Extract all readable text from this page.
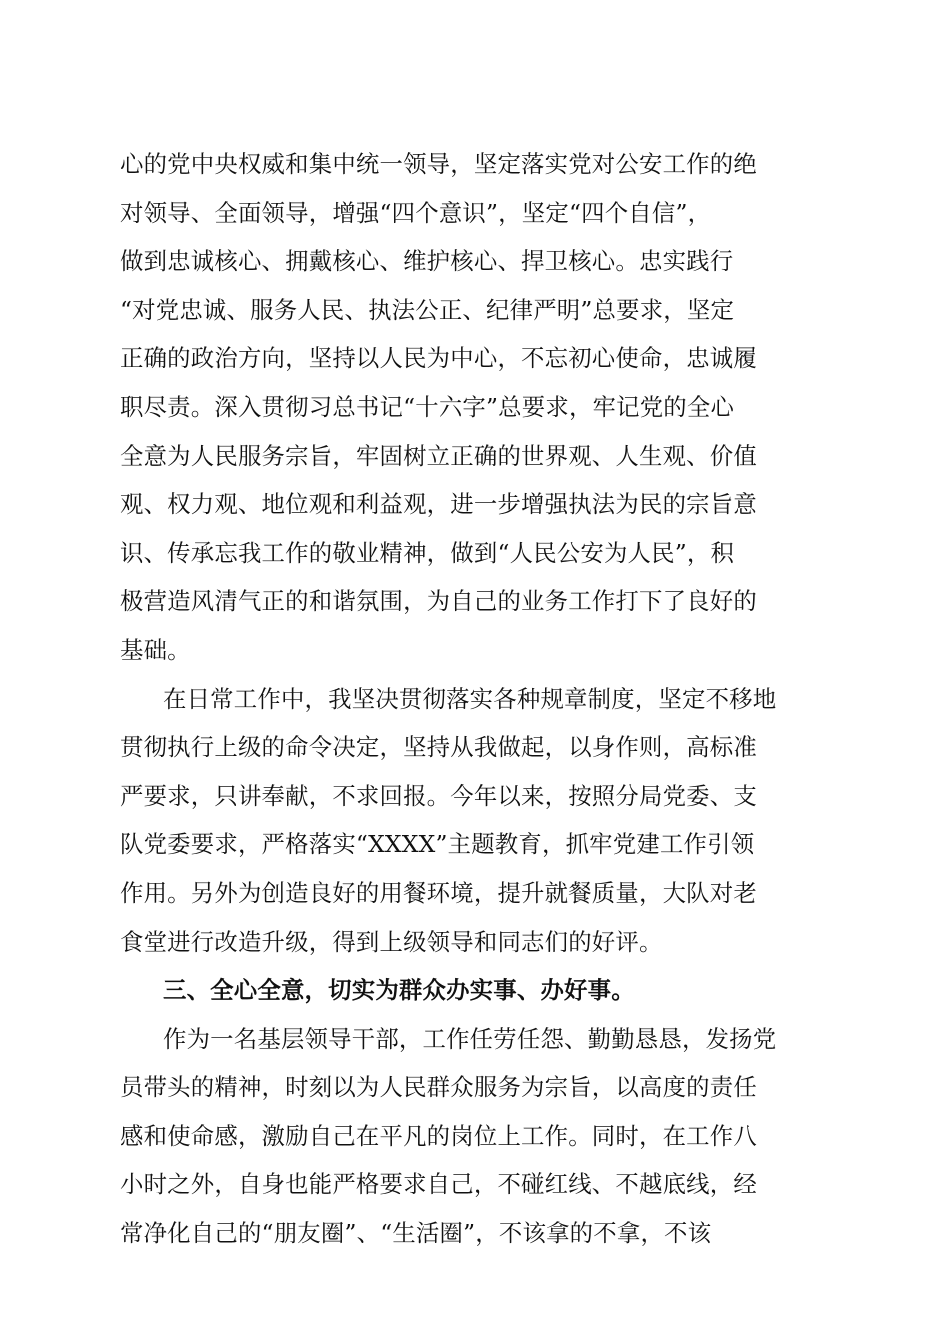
心的党中央权威和集中统一领导，坚定落实党对公安工作的绝
对领导、全面领导，增强“四个意识”，坚定“四个自信”，
做到忠诚核心、拥戴核心、维护核心、捍卫核心。忠实践行
“对党忠诚、服务人民、执法公正、纪律严明”总要求，坚定
正确的政治方向，坚持以人民为中心，不忘初心使命，忠诚履
职尽责。深入贯彻习总书记“十六字”总要求，牢记党的全心
全意为人民服务宗旨，牢固树立正确的世界观、人生观、价值
观、权力观、地位观和利益观，进一步增强执法为民的宗旨意
识、传承忘我工作的敬业精神，做到“人民公安为人民”，积
极营造风清气正的和谐氛围，为自己的业务工作打下了良好的
基础。
在日常工作中，我坚决贯彻落实各种规章制度，坚定不移地
贯彻执行上级的命令决定，坚持从我做起，以身作则，高标准
严要求，只讲奉献，不求回报。今年以来，按照分局党委、支
队党委要求，严格落实“XXXX”主题教育，抓牢党建工作引领
作用。另外为创造良好的用餐环境，提升就餐质量，大队对老
食堂进行改造升级，得到上级领导和同志们的好评。
三、全心全意，切实为群众办实事、办好事。
作为一名基层领导干部，工作任劳任怨、勤勤恳恳，发扬党
员带头的精神，时刻以为人民群众服务为宗旨，以高度的责任
感和使命感，激励自己在平凡的岗位上工作。同时，在工作八
小时之外，自身也能严格要求自己，不碰红线、不越底线，经
常净化自己的“朋友圈”、“生活圈”，不该拿的不拿，不该
